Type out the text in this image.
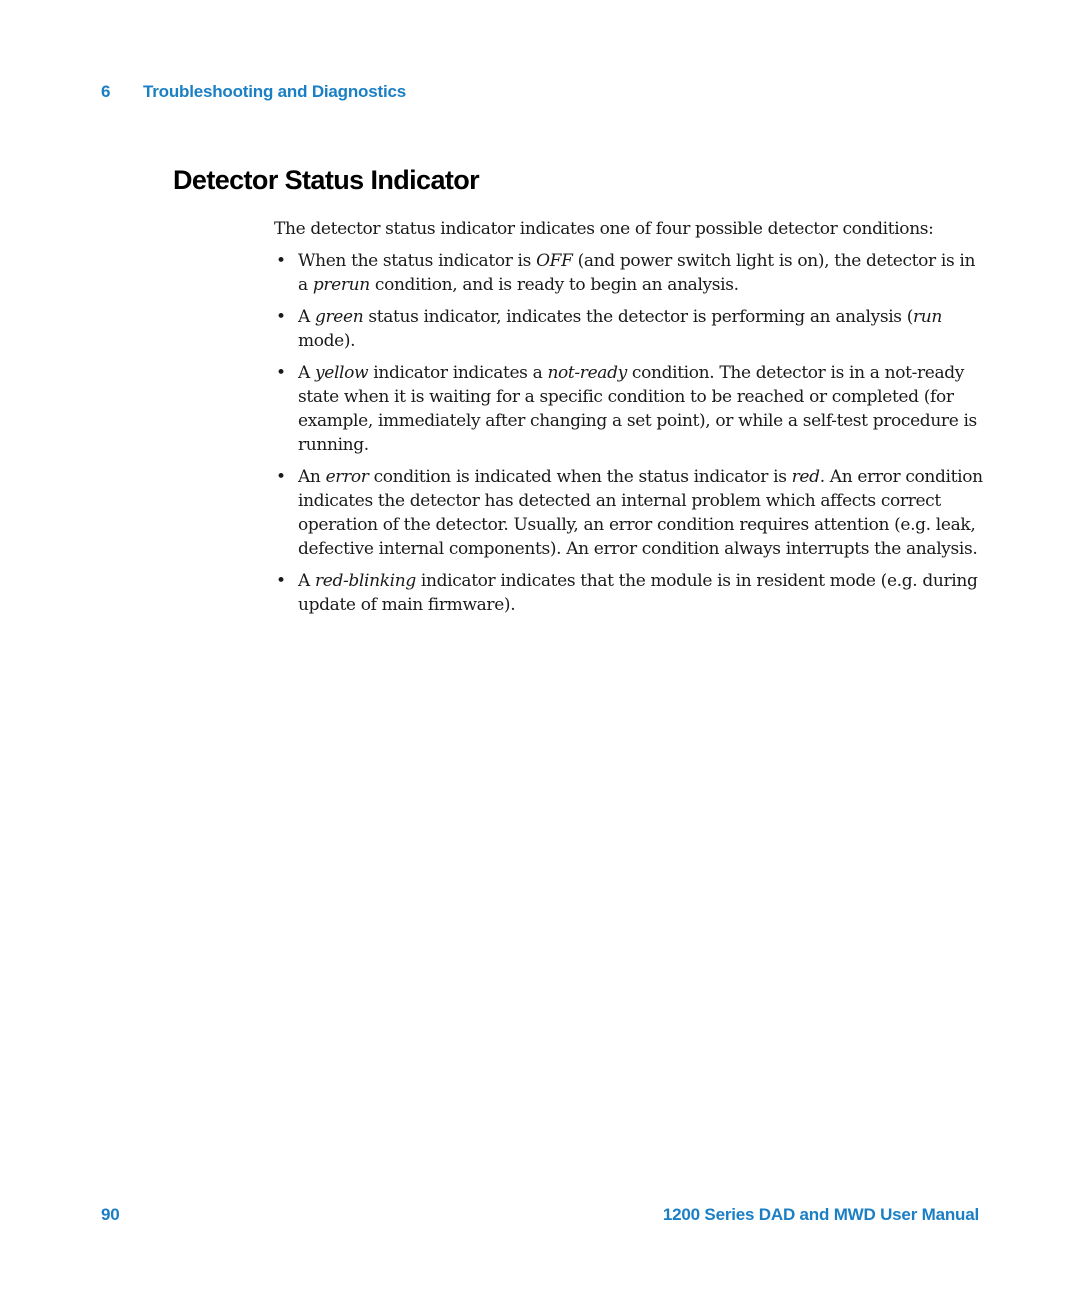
6 Troubleshooting and Diagnostics
Detector Status Indicator

The detector status indicator indicates one of four possible detector conditions:

• When the status indicator is OFF (and power switch light is on), the detector is in a prerun condition, and is ready to begin an analysis.
• A green status indicator, indicates the detector is performing an analysis (run mode).
• A yellow indicator indicates a not-ready condition. The detector is in a not-ready state when it is waiting for a specific condition to be reached or completed (for example, immediately after changing a set point), or while a self-test procedure is running.
• An error condition is indicated when the status indicator is red. An error condition indicates the detector has detected an internal problem which affects correct operation of the detector. Usually, an error condition requires attention (e.g. leak, defective internal components). An error condition always interrupts the analysis.
• A red-blinking indicator indicates that the module is in resident mode (e.g. during update of main firmware).
90	1200 Series DAD and MWD User Manual
